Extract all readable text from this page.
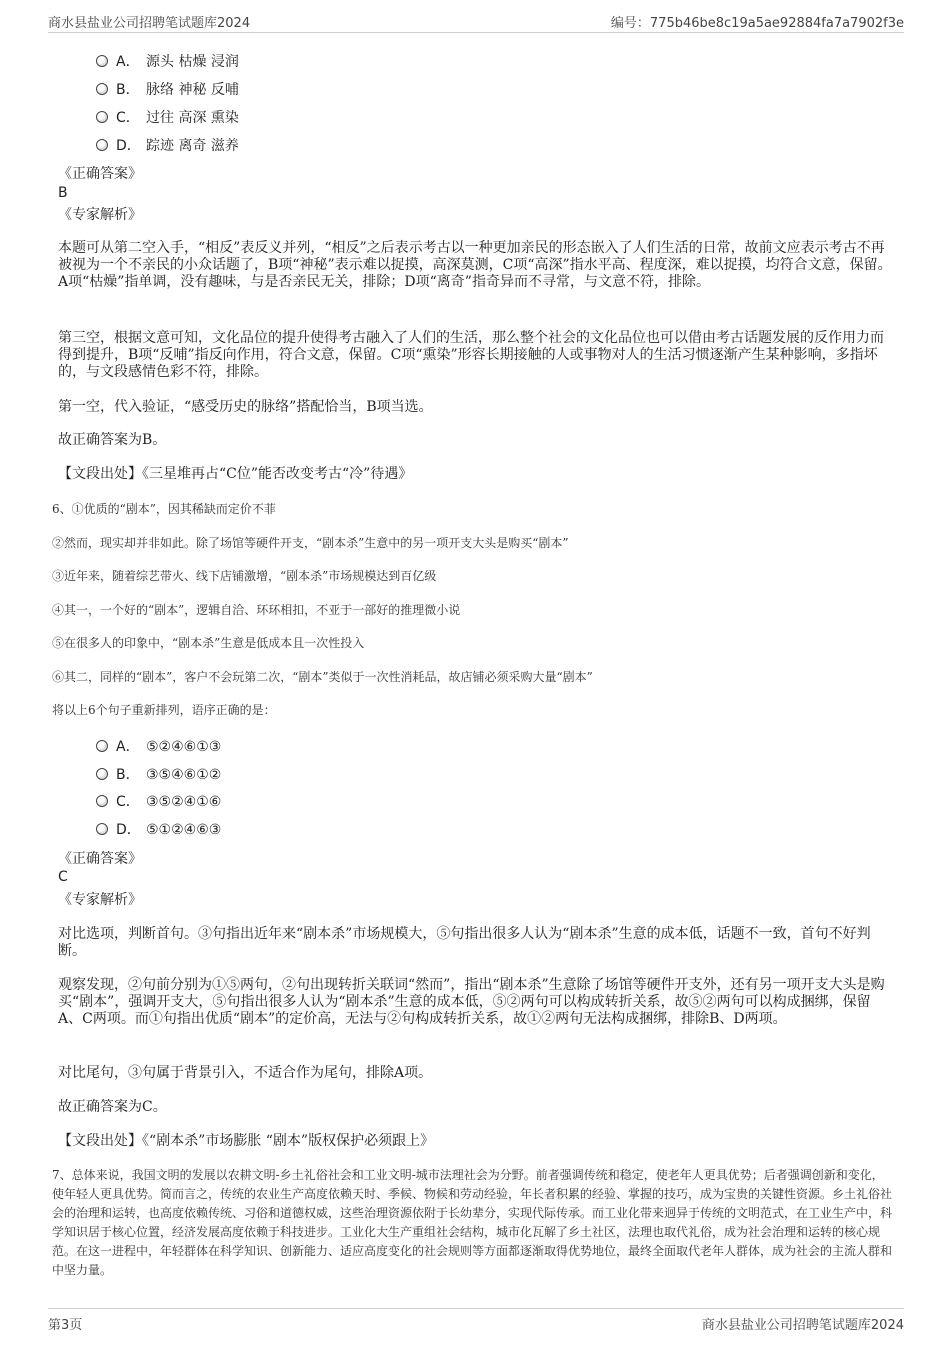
商水县盐业公司招聘笔试题库2024	编号：775b46be8c19a5ae92884fa7a7902f3e
A． 源头 枯燥 浸润
B． 脉络 神秘 反哺
C． 过往 高深 熏染
D． 踪迹 离奇 滋养
《正确答案》
B
《专家解析》
本题可从第二空入手，“相反”表反义并列，“相反”之后表示考古以一种更加亲民的形态嵌入了人们生活的日常，故前文应表示考古不再被视为一个不亲民的小众话题了，B项“神秘”表示难以捉摸，高深莫测，C项“高深”指水平高、程度深，难以捉摸，均符合文意，保留。A项“枯燥”指单调，没有趣味，与是否亲民无关，排除；D项“离奇”指奇异而不寻常，与文意不符，排除。
第三空，根据文意可知，文化品位的提升使得考古融入了人们的生活，那么整个社会的文化品位也可以借由考古话题发展的反作用力而得到提升，B项“反哺”指反向作用，符合文意，保留。C项“熏染”形容长期接触的人或事物对人的生活习惯逐渐产生某种影响，多指坏的，与文段感情色彩不符，排除。
第一空，代入验证，“感受历史的脉络”搭配恰当，B项当选。
故正确答案为B。
【文段出处】《三星堆再占“C位”能否改变考古“冷”待遇》
6、①优质的“剧本”，因其稀缺而定价不菲
②然而，现实却并非如此。除了场馆等硬件开支，“剧本杀”生意中的另一项开支大头是购买“剧本”
③近年来，随着综艺带火、线下店铺激增，“剧本杀”市场规模达到百亿级
④其一，一个好的“剧本”，逻辑自洽、环环相扣，不亚于一部好的推理微小说
⑤在很多人的印象中，“剧本杀”生意是低成本且一次性投入
⑥其二，同样的“剧本”，客户不会玩第二次，“剧本”类似于一次性消耗品，故店铺必须采购大量“剧本”
将以上6个句子重新排列，语序正确的是：
A． ⑤②④⑥①③
B． ③⑤④⑥①②
C． ③⑤②④①⑥
D． ⑤①②④⑥③
《正确答案》
C
《专家解析》
对比选项，判断首句。③句指出近年来“剧本杀”市场规模大，⑤句指出很多人认为“剧本杀”生意的成本低，话题不一致，首句不好判断。
观察发现，②句前分别为①⑤两句，②句出现转折关联词“然而”，指出“剧本杀”生意除了场馆等硬件开支外，还有另一项开支大头是购买“剧本”，强调开支大，⑤句指出很多人认为“剧本杀”生意的成本低，⑤②两句可以构成转折关系，故⑤②两句可以构成捆绑，保留A、C两项。而①句指出优质“剧本”的定价高，无法与②句构成转折关系，故①②两句无法构成捆绑，排除B、D两项。
对比尾句，③句属于背景引入，不适合作为尾句，排除A项。
故正确答案为C。
【文段出处】《“剧本杀”市场膨胀 “剧本”版权保护必须跟上》
7、总体来说，我国文明的发展以农耕文明-乡土礼俗社会和工业文明-城市法理社会为分野。前者强调传统和稳定，使老年人更具优势；后者强调创新和变化，使年轻人更具优势。简而言之，传统的农业生产高度依赖天时、季候、物候和劳动经验，年长者积累的经验、掌握的技巧，成为宝贵的关键性资源。乡土礼俗社会的治理和运转，也高度依赖传统、习俗和道德权威，这些治理资源依附于长幼辈分，实现代际传承。而工业化带来迥异于传统的文明范式，在工业生产中，科学知识居于核心位置，经济发展高度依赖于科技进步。工业化大生产重组社会结构，城市化瓦解了乡土社区，法理也取代礼俗，成为社会治理和运转的核心规范。在这一进程中，年轻群体在科学知识、创新能力、适应高度变化的社会规则等方面都逐渐取得优势地位，最终全面取代老年人群体，成为社会的主流人群和中坚力量。
第3页	商水县盐业公司招聘笔试题库2024
